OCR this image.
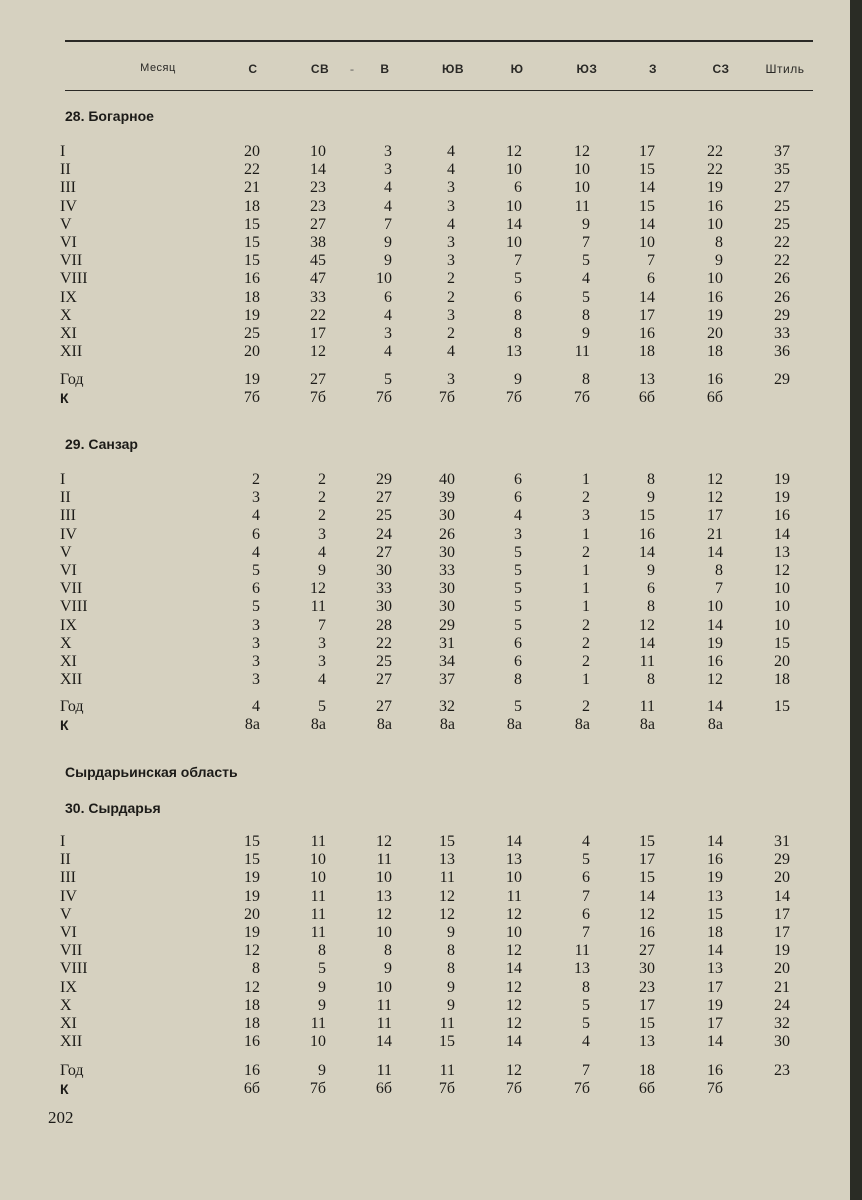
Месяц	С	СВ	-	В	ЮВ	Ю	ЮЗ	З	СЗ	Штиль
28. Богарное
I	20	10	3	4	12	12	17	22	37
II	22	14	3	4	10	10	15	22	35
III	21	23	4	3	6	10	14	19	27
IV	18	23	4	3	10	11	15	16	25
V	15	27	7	4	14	9	14	10	25
VI	15	38	9	3	10	7	10	8	22
VII	15	45	9	3	7	5	7	9	22
VIII	16	47	10	2	5	4	6	10	26
IX	18	33	6	2	6	5	14	16	26
X	19	22	4	3	8	8	17	19	29
XI	25	17	3	2	8	9	16	20	33
XII	20	12	4	4	13	11	18	18	36
Год	19	27	5	3	9	8	13	16	29
К	7б	7б	7б	7б	7б	7б	6б	6б
29. Санзар
I	2	2	29	40	6	1	8	12	19
II	3	2	27	39	6	2	9	12	19
III	4	2	25	30	4	3	15	17	16
IV	6	3	24	26	3	1	16	21	14
V	4	4	27	30	5	2	14	14	13
VI	5	9	30	33	5	1	9	8	12
VII	6	12	33	30	5	1	6	7	10
VIII	5	11	30	30	5	1	8	10	10
IX	3	7	28	29	5	2	12	14	10
X	3	3	22	31	6	2	14	19	15
XI	3	3	25	34	6	2	11	16	20
XII	3	4	27	37	8	1	8	12	18
Год	4	5	27	32	5	2	11	14	15
К	8а	8а	8а	8а	8а	8а	8а	8а
Сырдарьинская область
30. Сырдарья
I	15	11	12	15	14	4	15	14	31
II	15	10	11	13	13	5	17	16	29
III	19	10	10	11	10	6	15	19	20
IV	19	11	13	12	11	7	14	13	14
V	20	11	12	12	12	6	12	15	17
VI	19	11	10	9	10	7	16	18	17
VII	12	8	8	8	12	11	27	14	19
VIII	8	5	9	8	14	13	30	13	20
IX	12	9	10	9	12	8	23	17	21
X	18	9	11	9	12	5	17	19	24
XI	18	11	11	11	12	5	15	17	32
XII	16	10	14	15	14	4	13	14	30
Год	16	9	11	11	12	7	18	16	23
К	6б	7б	6б	7б	7б	7б	6б	7б
202
